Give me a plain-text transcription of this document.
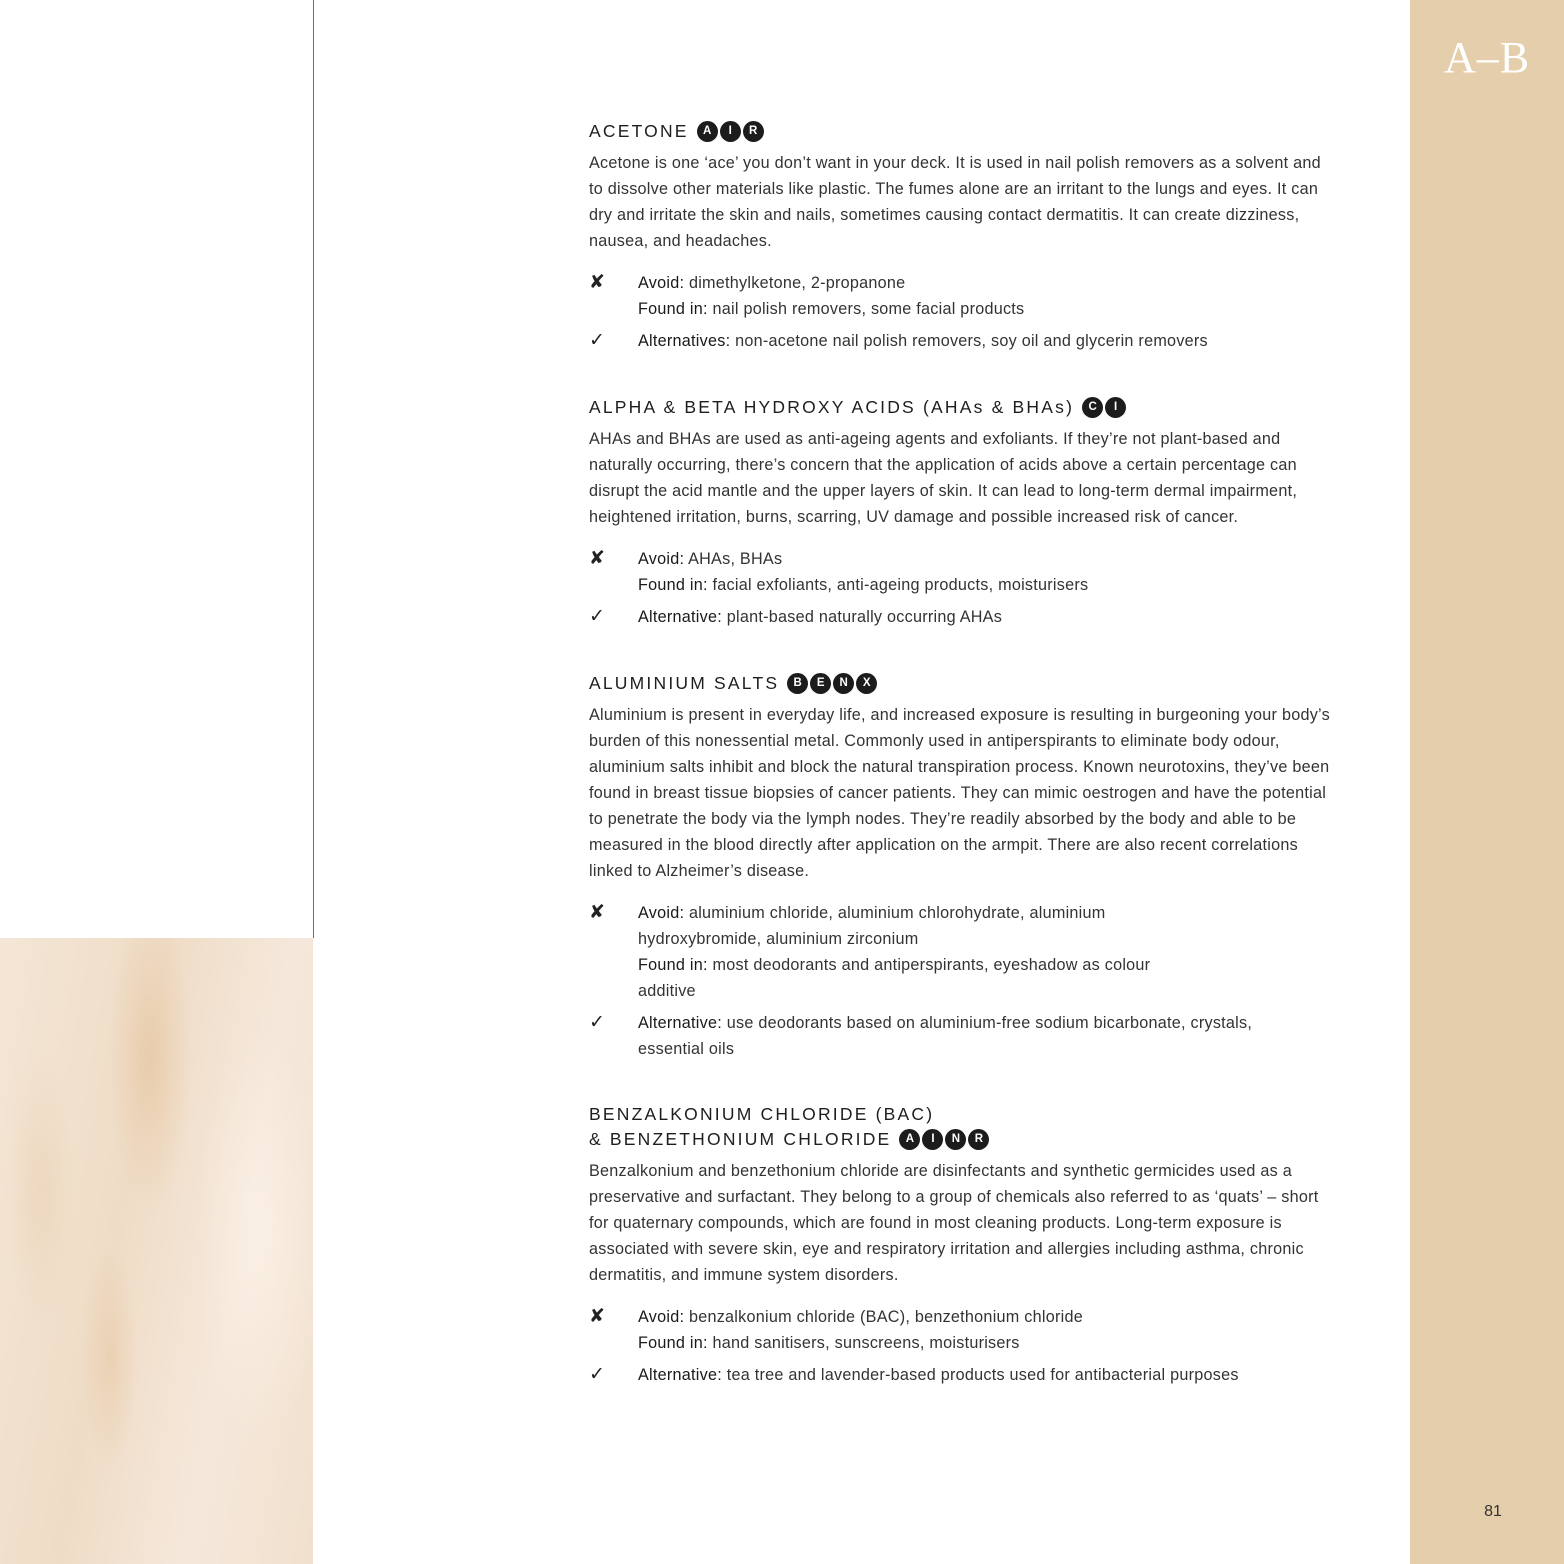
A–B
81
ACETONE A I R

Acetone is one ‘ace’ you don’t want in your deck. It is used in nail polish removers as a solvent and to dissolve other materials like plastic. The fumes alone are an irritant to the lungs and eyes. It can dry and irritate the skin and nails, sometimes causing contact dermatitis. It can create dizziness, nausea, and headaches.

✘	Avoid: dimethylketone, 2-propanone
Found in: nail polish removers, some facial products
✓	Alternatives: non-acetone nail polish removers, soy oil and glycerin removers
ALPHA & BETA HYDROXY ACIDS (AHAs & BHAs) C I

AHAs and BHAs are used as anti-ageing agents and exfoliants. If they’re not plant-based and naturally occurring, there’s concern that the application of acids above a certain percentage can disrupt the acid mantle and the upper layers of skin. It can lead to long-term dermal impairment, heightened irritation, burns, scarring, UV damage and possible increased risk of cancer.

✘	Avoid: AHAs, BHAs
Found in: facial exfoliants, anti-ageing products, moisturisers
✓	Alternative: plant-based naturally occurring AHAs
ALUMINIUM SALTS B E N X

Aluminium is present in everyday life, and increased exposure is resulting in burgeoning your body’s burden of this nonessential metal. Commonly used in antiperspirants to eliminate body odour, aluminium salts inhibit and block the natural transpiration process. Known neurotoxins, they’ve been found in breast tissue biopsies of cancer patients. They can mimic oestrogen and have the potential to penetrate the body via the lymph nodes. They’re readily absorbed by the body and able to be measured in the blood directly after application on the armpit. There are also recent correlations linked to Alzheimer’s disease.

✘	Avoid: aluminium chloride, aluminium chlorohydrate, aluminium hydroxybromide, aluminium zirconium
Found in: most deodorants and antiperspirants, eyeshadow as colour additive
✓	Alternative: use deodorants based on aluminium-free sodium bicarbonate, crystals, essential oils
BENZALKONIUM CHLORIDE (BAC)
& BENZETHONIUM CHLORIDE A I N R

Benzalkonium and benzethonium chloride are disinfectants and synthetic germicides used as a preservative and surfactant. They belong to a group of chemicals also referred to as ‘quats’ – short for quaternary compounds, which are found in most cleaning products. Long-term exposure is associated with severe skin, eye and respiratory irritation and allergies including asthma, chronic dermatitis, and immune system disorders.

✘	Avoid: benzalkonium chloride (BAC), benzethonium chloride
Found in: hand sanitisers, sunscreens, moisturisers
✓	Alternative: tea tree and lavender-based products used for antibacterial purposes
